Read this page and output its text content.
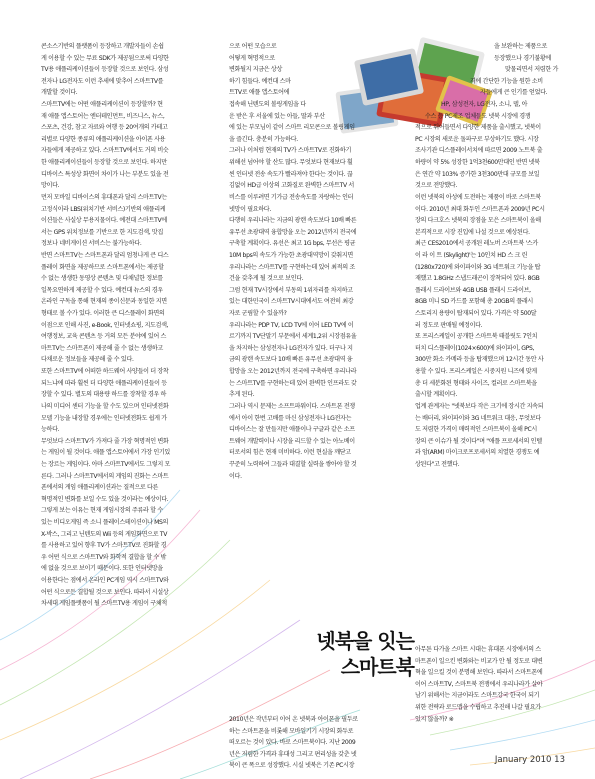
콘소스기반의 플랫폼이 등장하고 개발자들이 손쉽
게 이용할 수 있는 무료 SDK가 제공됨으로써 다양한
TV용 애플리케이션들이 등장할 것으로 보인다. 삼성
전자나 LG전자도 이런 추세에 맞추어 스마트TV를
개발할 것이다.
스마트TV에는 어떤 애플리케이션이 등장할까? 현
재 애플 앱스토어는 엔터테인먼트, 비즈니스, 뉴스,
스포츠, 건강, 참고 자료와 여행 등 20여개의 카테고
리별로 다양한 종류의 애플리케이션을 아이폰 사용
자들에게 제공하고 있다. 스마트TV에서도 거의 비슷
한 애플리케이션들이 등장할 것으로 보인다. 하지만
디바이스 특성상 화면이 차이가 나는 부분도 있을 전
망이다.
먼저 모바일 디바이스의 휴대폰과 달리 스마트TV는
고정식이라 LBS(위치기반 서비스)기반의 애플리케
이션들은 사실상 무용지물이다. 예전대 스마트TV에
서는 GPS 위치정보를 기반으로 한 지도검색, 맛집
정보나 네비게이션 서비스는 불가능하다.
반면 스마트TV는 스마트폰과 달리 엄청나게 큰 디스
플레이 화면을 제공하므로 스마트폰에서는 제공할
수 없는 생생한 동영상 콘텐츠 및 다채널한 정보를
일목요연하게 제공할 수 있다. 예컨대 뉴스의 경우
온라인 구독을 통해 현재의 종이신문과 동일한 지면
형태로 볼 수가 있다. 이러한 큰 디스플레이 화면의
이점으로 인해 사진, e-Book, 인터넷쇼핑, 지도검색,
여행정보, 교육 콘텐츠 등 거의 모든 분야에 있어 스
마트TV는 스마트폰이 제공해 줄 수 없는 생생하고
다채로운 정보들을 제공해 줄 수 있다.
또한 스마트TV에 어떠한 하드웨어 사양들이 더 장착
되느냐에 따라 훨씬 더 다양한 애플리케이션들이 등
장할 수 있다. 별도의 대용량 하드를 장착할 경우 하
나의 미디어 센터 기능을 할 수도 있으며 인터넷전화
모델 기능을 내장할 경우에는 인터넷전화도 쉽게 가
능하다.
무엇보다 스마트TV가 가져다 줄 가장 혁명적인 변화
는 게임이 될 것이다. 애플 앱스토어에서 가장 인기있
는 장르는 게임이다. 아마 스마트TV에서도 그렇지 모
른다. 그러나 스마트TV에서의 게임의 진화는 스마트
폰에서의 게임 애플리케이션과는 질적으로 다른
혁명적인 변화를 보일 수도 있을 것이라는 예상이다.
그렇게 보는 이유는 현재 게임시장의 주류라 할 수
있는 비디오게임 즉 소니 플레이스테이션이나 MS의
X-박스, 그리고 닌텐도의 Wii 등의 게임화면으로 TV
를 사용하고 있어 향후 TV가 스마트TV로 진화할 경
우 어떤 식으로 스마트TV와 화학적 결합을 할 수 밖
에 없을 것으로 보이기 때문이다. 또한 인터넷망을
이용한다는 점에서 온라인 PC게임 역시 스마트TV와
어떤 식으로든 결합될 것으로 보인다. 따라서 시설상
차세대 게임플랫폼이 될 스마트TV용 게임이 구체적
으로 어떤 모습으로
어떻게 혁명적으로
변화될지 지금은 상상
하기 힘들다. 예컨대 스마
트TV로 애플 앱스토어에
접속해 닌텐도의 볼링게임을 다
운 받은 후 서울에 있는 아들, 딸과 부산
에 있는 부모님이 같이 스마트 리모콘으로 볼링게임
을 즐긴다. 충분히 가능하다.
그러나 이처럼 현재의 TV가 스마트TV로 진화하기
위해선 넘어야 할 산도 많다. 무엇보다 현재보다 훨
씬 인터넷 전송 속도가 빨라져야 한다는 것이다. 끊
김없이 HD급 이상의 고화질로 완벽한 스마트TV 서
비스를 이루려면 기가급 전송속도를 자랑하는 인터
넷망이 필요하다.
다행히 우리나라는 지금의 광랜 속도보다 10배 빠른
유무선 초광대역 융합망을 오는 2012년까지 전국에
구축할 계획이다. 유선은 최고 1G bps, 무선은 평균
10M bps의 속도가 가능한 초광대역망이 갖춰지면
우리나라는 스마트TV를 구현하는데 있어 최적의 조
건을 갖추게 될 것으로 보인다.
그럼 현재 TV시장에서 부동의 1위자리를 차지하고
있는 대한민국이 스마트TV시대에서도 여전히 최강
자로 군림할 수 있을까?
우리나라는 PDP TV, LCD TV에 이어 LED TV에 이
르기까지 TV단말기 부문에서 세계1,2위 시장점유율
을 차지하는 삼성전자나 LG전자가 있다. 더구나 지
금의 광랜 속도보다 10배 빠른 유무선 초광대역 융
합망을 오는 2012년까지 전국에 구축하면 우리나라
는 스마트TV를 구현하는데 있어 완벽한 인프라도 갖
추게 된다.
그러나 역시 문제는 소프트파워이다. 스마트폰 전쟁
에서 아이 한번 고배를 마신 삼성전자나 LG전자는
디바이스는 잘 만들지만 애플이나 구글과 같은 소프
트웨어 개발력이나 시장을 리드할 수 있는 아노베이
터로서의 힘은 현재 미비하다. 이런 현실을 깨닫고
꾸준히 노력하여 그들과 대결할 실력을 쌓아야 할 것
이다.
넷북을 잇는
스마트북
2010년은 작년부터 이어 온 넷북과 아이폰을 필두로
하는 스마트폰을 비롯해 모바일기기 시장의 화두로
떠오르는 것이 있다. 바로 스마트북이다. 지난 2009
년은 저렴한 가격과 휴대성 그리고 편리성을 갖춘 넷
북이 큰 폭으로 성장했다. 시실 넷북은 기존 PC시장
을 보완하는 제품으로
등장했으나 경기불황에
맞물리면서 저렴한 가
격에 간단한 기능을 원한 소비
자들에게 큰 인기를 얻었다.
HP, 삼성전자, LG전자, 소니, 델, 아
수스 등 PC제조 업체들도 넷북 시장에 경쟁
적으로 뛰어들면서 다양한 제품을 출시했고, 넷북이
PC 시장의 새로운 돌파구로 부상하기도 했다. 시장
조사기관 디스플레이서치에 따르면 2009 노트북 출
하량이 약 5% 성장한 1억3천600만대인 반면 넷북
은 연간 약 103% 증가한 3천300만대 규모를 보일
것으로 전망했다.
이런 넷북의 아성에 도전하는 제품이 바로 스마트북
이다. 2010년 최대 화두인 스마트폰과 2009년 PC시
장의 다크호스 넷북의 장점을 모은 스마트북이 올해
본격적으로 시장 진입에 나설 것으로 예상된다.
최근 CES2010에서 공개된 레노버 스마트북 '스카
이 라 이 트 (Skylight)'는 10인치 HD 스 크 린
(1280x720)에 와이파이와 3G 네트워크 기능을 탑
재했고 1.8GHz 스냅드래곤이 장착되어 있다. 8GB
플래시 드라이브와 4GB USB 플래시 드라이브,
8GB 미니 SD 카드를 포함해 총 20GB의 플래시
스토리지 용량이 탑재되어 있다. 가격은 약 500달
러 정도로 판매될 예정이다.
또 프리스케일이 공개한 스마트북 태블릿도 7인치
터치 디스플레이(1024×600)에 와이파이, GPS,
300만 화소 카메라 등을 탑재했으며 12시간 동안 사
용할 수 있다. 프리스케일은 시중지원 니즈에 맞게
총 더 세분화된 형태와 사이즈, 컬러로 스마트북을
출시할 계획이다.
업계 관계자는 "넷북보다 작은 크기에 장시간 지속되
는 배터리, 와이파이와 3G 네트워크 대응, 무엇보다
도 저렴한 가격이 매력적인 스마트북이 올해 PC시
장의 큰 이슈가 될 것이다"며 "애플 프로세서의 인텔
과 암(ARM) 마이크로프로세서의 치열한 경쟁도 예
상된다"고 전했다.
아무튼 다가올 스마트 시대는 휴대폰 시장에서의 스
마트폰이 일으킨 변화와는 비교가 안 될 정도로 대변
혁을 일으킬 것이 분명해 보인다. 따라서 스마트폰에
이어 스마트TV, 스마트북 전쟁에서 우리나라가 살아
남기 위해서는 지금이라도 스마트강국 한국이 되기
위한 전략과 로드맵을 수립하고 추진해 나갈 필요가
있지 않을까? ※
January 2010 13
